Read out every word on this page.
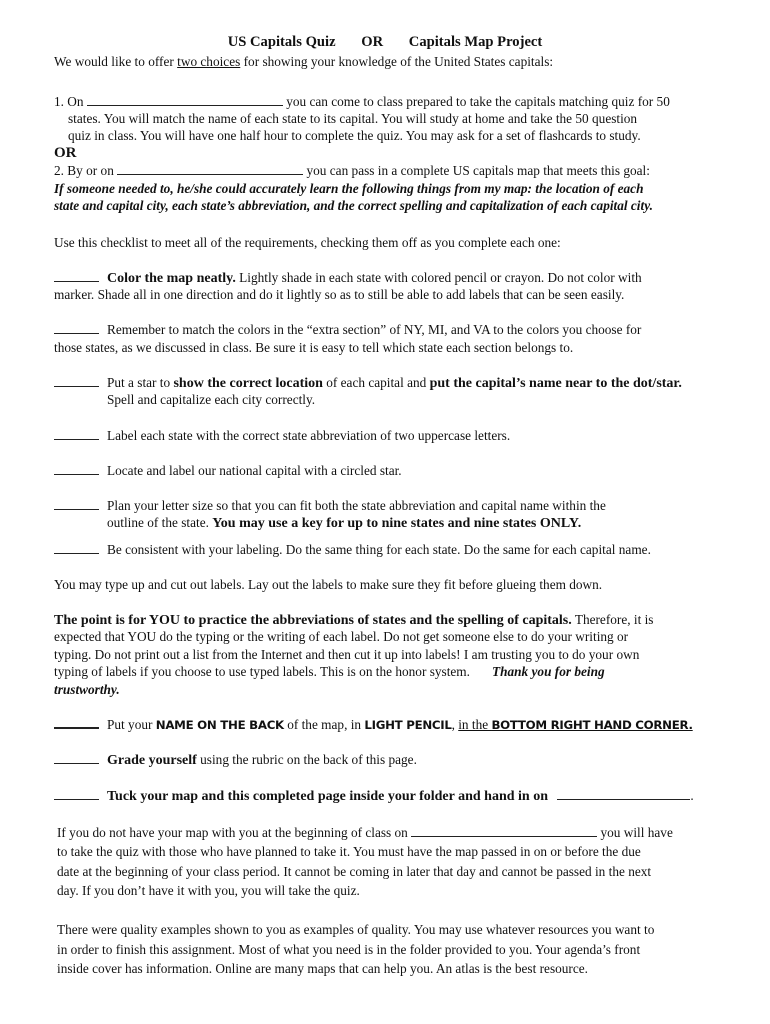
US Capitals Quiz OR Capitals Map Project
We would like to offer two choices for showing your knowledge of the United States capitals:
1. On	you can come to class prepared to take the capitals matching quiz for 50
states. You will match the name of each state to its capital. You will study at home and take the 50 question
quiz in class. You will have one half hour to complete the quiz. You may ask for a set of flashcards to study.
OR
2. By or on	you can pass in a complete US capitals map that meets this goal:
If someone needed to, he/she could accurately learn the following things from my map: the location of each
state and capital city, each state’s abbreviation, and the correct spelling and capitalization of each capital city.
Use this checklist to meet all of the requirements, checking them off as you complete each one:
Color the map neatly. Lightly shade in each state with colored pencil or crayon. Do not color with
marker. Shade all in one direction and do it lightly so as to still be able to add labels that can be seen easily.
Remember to match the colors in the “extra section” of NY, MI, and VA to the colors you choose for
those states, as we discussed in class. Be sure it is easy to tell which state each section belongs to.
Put a star to show the correct location of each capital and put the capital’s name near to the dot/star.
Spell and capitalize each city correctly.
Label each state with the correct state abbreviation of two uppercase letters.
Locate and label our national capital with a circled star.
Plan your letter size so that you can fit both the state abbreviation and capital name within the
outline of the state. You may use a key for up to nine states and nine states ONLY.
Be consistent with your labeling. Do the same thing for each state. Do the same for each capital name.
You may type up and cut out labels. Lay out the labels to make sure they fit before glueing them down.
The point is for YOU to practice the abbreviations of states and the spelling of capitals. Therefore, it is
expected that YOU do the typing or the writing of each label. Do not get someone else to do your writing or
typing. Do not print out a list from the Internet and then cut it up into labels! I am trusting you to do your own
typing of labels if you choose to use typed labels. This is on the honor system. Thank you for being
trustworthy.
Put your NAME ON THE BACK of the map, in LIGHT PENCIL, in the BOTTOM RIGHT HAND CORNER.
Grade yourself using the rubric on the back of this page.
Tuck your map and this completed page inside your folder and hand in on	.
If you do not have your map with you at the beginning of class on	you will have
to take the quiz with those who have planned to take it. You must have the map passed in on or before the due
date at the beginning of your class period. It cannot be coming in later that day and cannot be passed in the next
day. If you don’t have it with you, you will take the quiz.
There were quality examples shown to you as examples of quality. You may use whatever resources you want to
in order to finish this assignment. Most of what you need is in the folder provided to you. Your agenda’s front
inside cover has information. Online are many maps that can help you. An atlas is the best resource.
